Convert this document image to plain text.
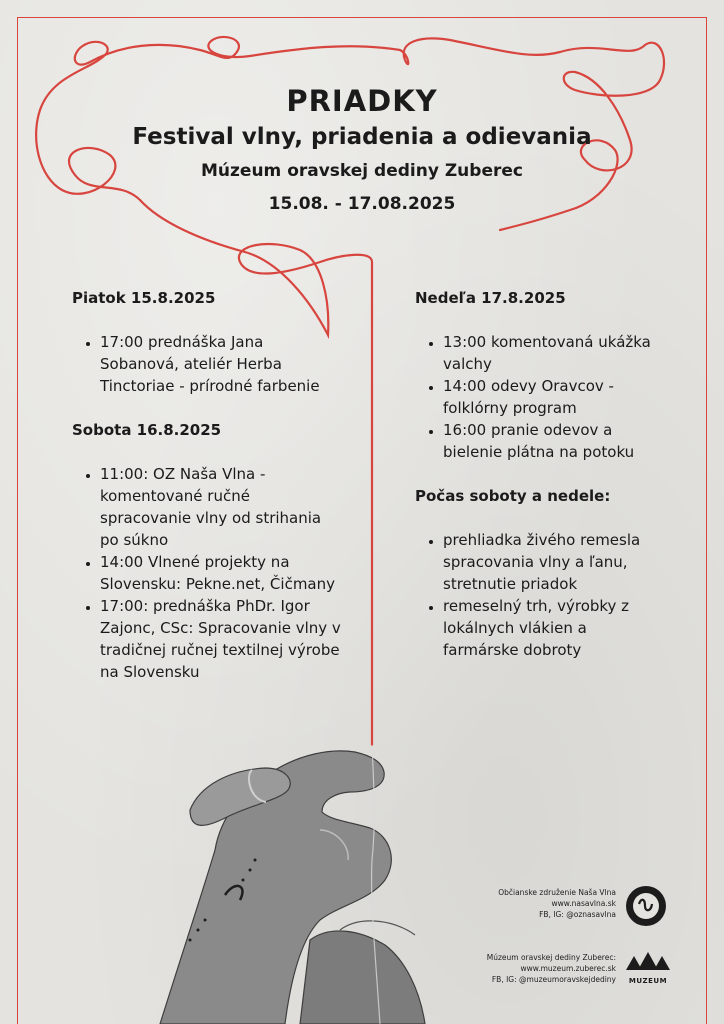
PRIADKY
Festival vlny, priadenia a odievania
Múzeum oravskej dediny Zuberec
15.08. - 17.08.2025

Piatok 15.8.2025

• 17:00 prednáška Jana Sobanová, ateliér Herba Tinctoriae - prírodné farbenie

Sobota 16.8.2025

• 11:00: OZ Naša Vlna - komentované ručné spracovanie vlny od strihania po súkno
• 14:00 Vlnené projekty na Slovensku: Pekne.net, Čičmany
• 17:00: prednáška PhDr. Igor Zajonc, CSc: Spracovanie vlny v tradičnej ručnej textilnej výrobe na Slovensku

Nedeľa 17.8.2025

• 13:00 komentovaná ukážka valchy
• 14:00 odevy Oravcov - folklórny program
• 16:00 pranie odevov a bielenie plátna na potoku

Počas soboty a nedele:

• prehliadka živého remesla spracovania vlny a ľanu, stretnutie priadok
• remeselný trh, výrobky z lokálnych vlákien a farmárske dobroty
Občianske združenie Naša Vlna
www.nasavlna.sk
FB, IG: @oznasavlna
Múzeum oravskej dediny Zuberec:
www.muzeum.zuberec.sk
FB, IG: @muzeumoravskejdediny	MUZEUM
